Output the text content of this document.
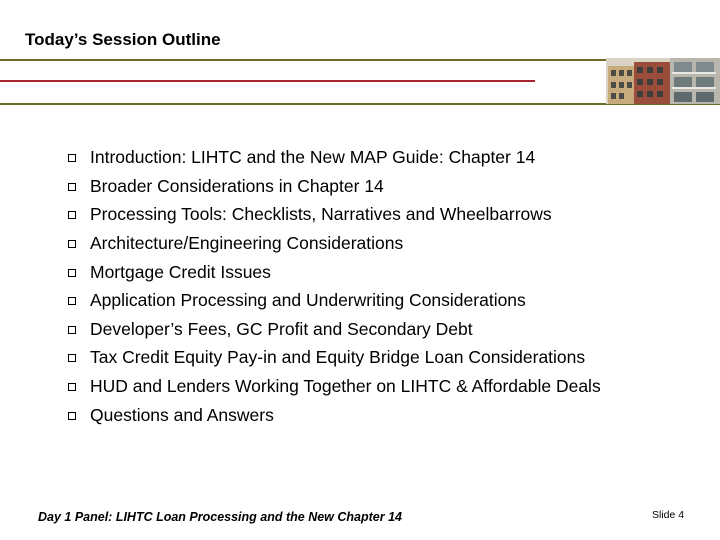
Today’s Session Outline
Introduction: LIHTC and the New MAP Guide: Chapter 14
Broader Considerations in Chapter 14
Processing Tools: Checklists, Narratives and Wheelbarrows
Architecture/Engineering Considerations
Mortgage Credit Issues
Application Processing and Underwriting Considerations
Developer’s Fees, GC Profit and Secondary Debt
Tax Credit Equity Pay-in and Equity Bridge Loan Considerations
HUD and Lenders Working Together on LIHTC & Affordable Deals
Questions and Answers
Day 1 Panel: LIHTC Loan Processing and the New Chapter 14	Slide 4
